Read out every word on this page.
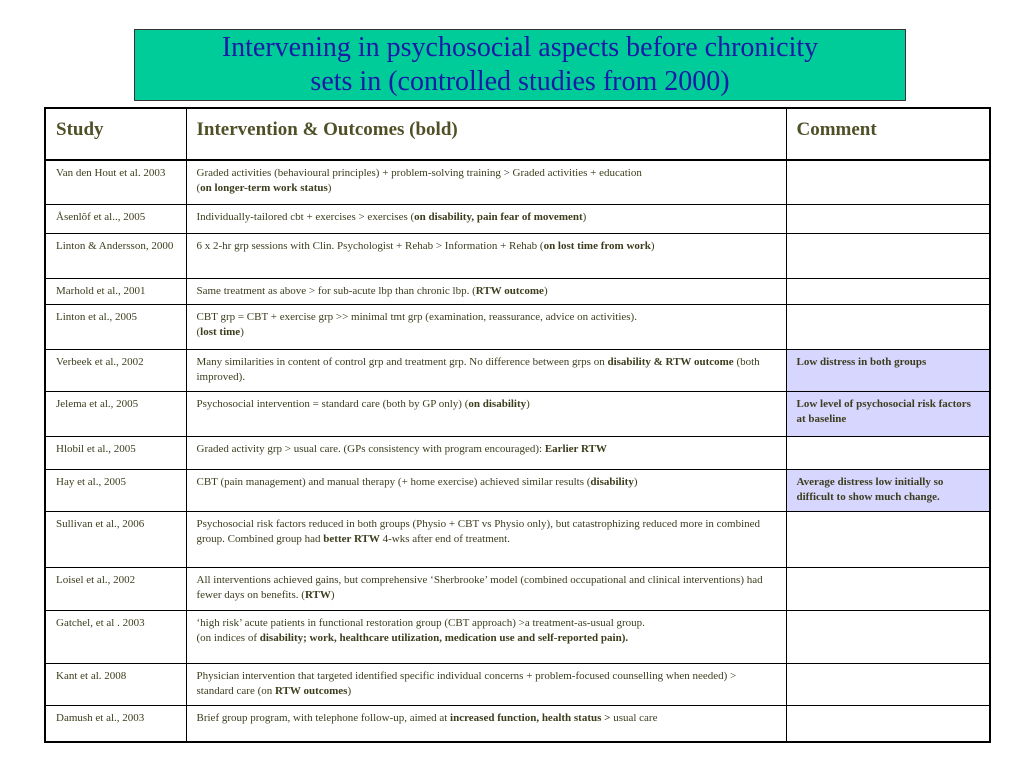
Intervening in psychosocial aspects before chronicity
sets in (controlled studies from 2000)
Study	Intervention & Outcomes (bold)	Comment
Van den Hout et al. 2003	Graded activities (behavioural principles) + problem-solving training > Graded activities + education
(on longer-term work status)	
Åsenlõf et al.., 2005	Individually-tailored cbt + exercises > exercises (on disability, pain fear of movement)	
Linton & Andersson, 2000	6 x 2-hr grp sessions with Clin. Psychologist + Rehab > Information + Rehab (on lost time from work)	
Marhold et al., 2001	Same treatment as above > for sub-acute lbp than chronic lbp. (RTW outcome)	
Linton et al., 2005	CBT grp = CBT + exercise grp >> minimal tmt grp (examination, reassurance, advice on activities).
(lost time)	
Verbeek et al., 2002	Many similarities in content of control grp and treatment grp. No difference between grps on disability & RTW outcome (both improved).	Low distress in both groups
Jelema et al., 2005	Psychosocial intervention = standard care (both by GP only) (on disability)	Low level of psychosocial risk factors at baseline
Hlobil et al., 2005	Graded activity grp > usual care. (GPs consistency with program encouraged): Earlier RTW	
Hay et al., 2005	CBT (pain management) and manual therapy (+ home exercise) achieved similar results (disability)	Average distress low initially so difficult to show much change.
Sullivan et al., 2006	Psychosocial risk factors reduced in both groups (Physio + CBT vs Physio only), but catastrophizing reduced more in combined group. Combined group had better RTW 4-wks after end of treatment.	
Loisel et al., 2002	All interventions achieved gains, but comprehensive ‘Sherbrooke’ model (combined occupational and clinical interventions) had fewer days on benefits. (RTW)	
Gatchel, et al . 2003	‘high risk’ acute patients in functional restoration group (CBT approach) >a treatment-as-usual group.
(on indices of disability; work, healthcare utilization, medication use and self-reported pain).	
Kant et al. 2008	Physician intervention that targeted identified specific individual concerns + problem-focused counselling when needed) > standard care (on RTW outcomes)	
Damush et al., 2003	Brief group program, with telephone follow-up, aimed at increased function, health status > usual care	
